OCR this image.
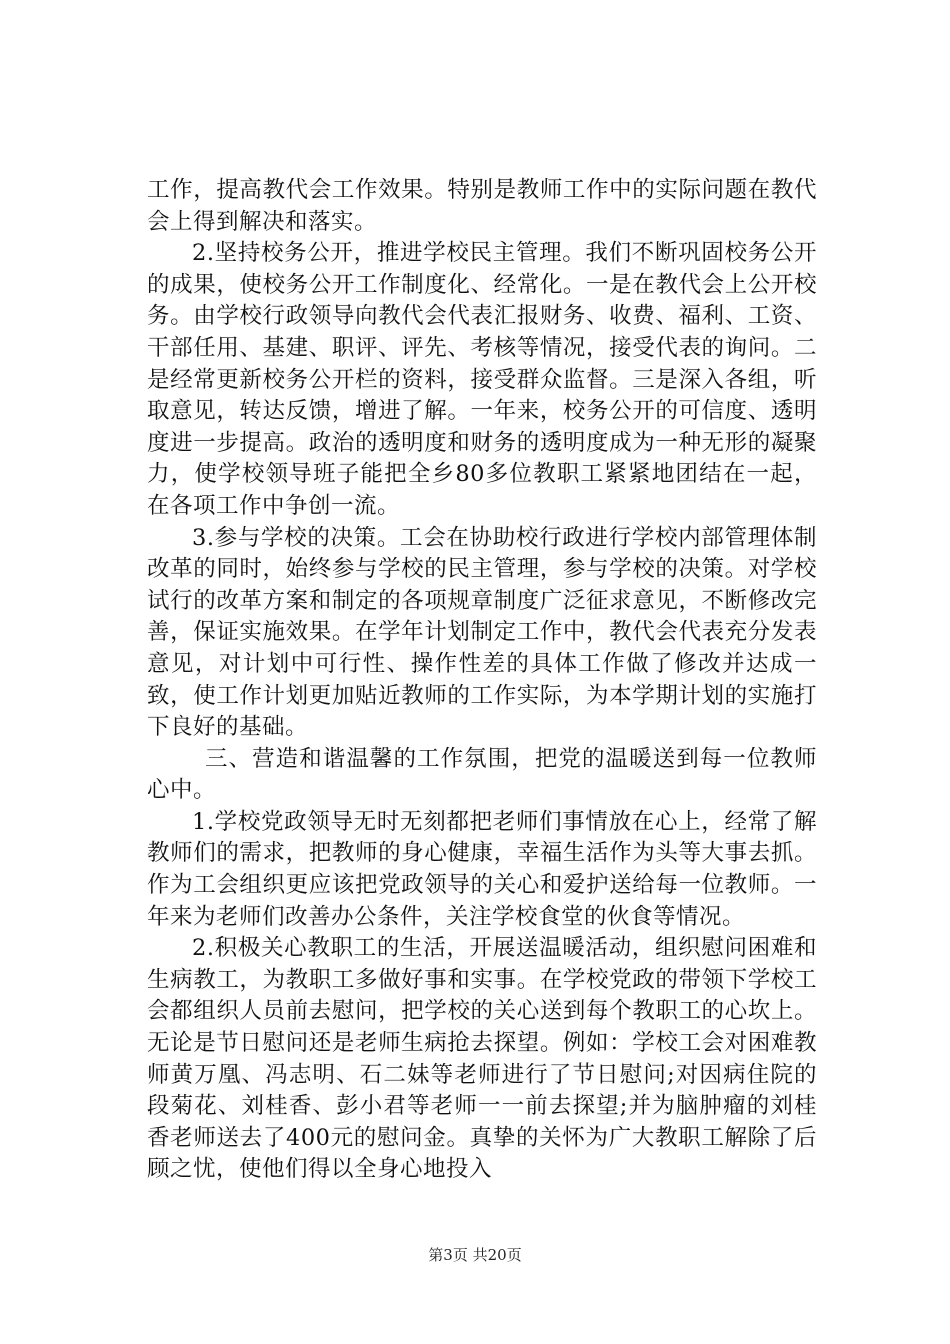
工作，提高教代会工作效果。特别是教师工作中的实际问题在教代会上得到解决和落实。

2.坚持校务公开，推进学校民主管理。我们不断巩固校务公开的成果，使校务公开工作制度化、经常化。一是在教代会上公开校务。由学校行政领导向教代会代表汇报财务、收费、福利、工资、干部任用、基建、职评、评先、考核等情况，接受代表的询问。二是经常更新校务公开栏的资料，接受群众监督。三是深入各组，听取意见，转达反馈，增进了解。一年来，校务公开的可信度、透明度进一步提高。政治的透明度和财务的透明度成为一种无形的凝聚力，使学校领导班子能把全乡80多位教职工紧紧地团结在一起，在各项工作中争创一流。

3.参与学校的决策。工会在协助校行政进行学校内部管理体制改革的同时，始终参与学校的民主管理，参与学校的决策。对学校试行的改革方案和制定的各项规章制度广泛征求意见，不断修改完善，保证实施效果。在学年计划制定工作中，教代会代表充分发表意见，对计划中可行性、操作性差的具体工作做了修改并达成一致，使工作计划更加贴近教师的工作实际，为本学期计划的实施打下良好的基础。

三、营造和谐温馨的工作氛围，把党的温暖送到每一位教师心中。

1.学校党政领导无时无刻都把老师们事情放在心上，经常了解教师们的需求，把教师的身心健康，幸福生活作为头等大事去抓。作为工会组织更应该把党政领导的关心和爱护送给每一位教师。一年来为老师们改善办公条件，关注学校食堂的伙食等情况。

2.积极关心教职工的生活，开展送温暖活动，组织慰问困难和生病教工，为教职工多做好事和实事。在学校党政的带领下学校工会都组织人员前去慰问，把学校的关心送到每个教职工的心坎上。无论是节日慰问还是老师生病抢去探望。例如：学校工会对困难教师黄万凰、冯志明、石二妹等老师进行了节日慰问;对因病住院的段菊花、刘桂香、彭小君等老师一一前去探望;并为脑肿瘤的刘桂香老师送去了400元的慰问金。真挚的关怀为广大教职工解除了后顾之忧，使他们得以全身心地投入

第3页 共20页
